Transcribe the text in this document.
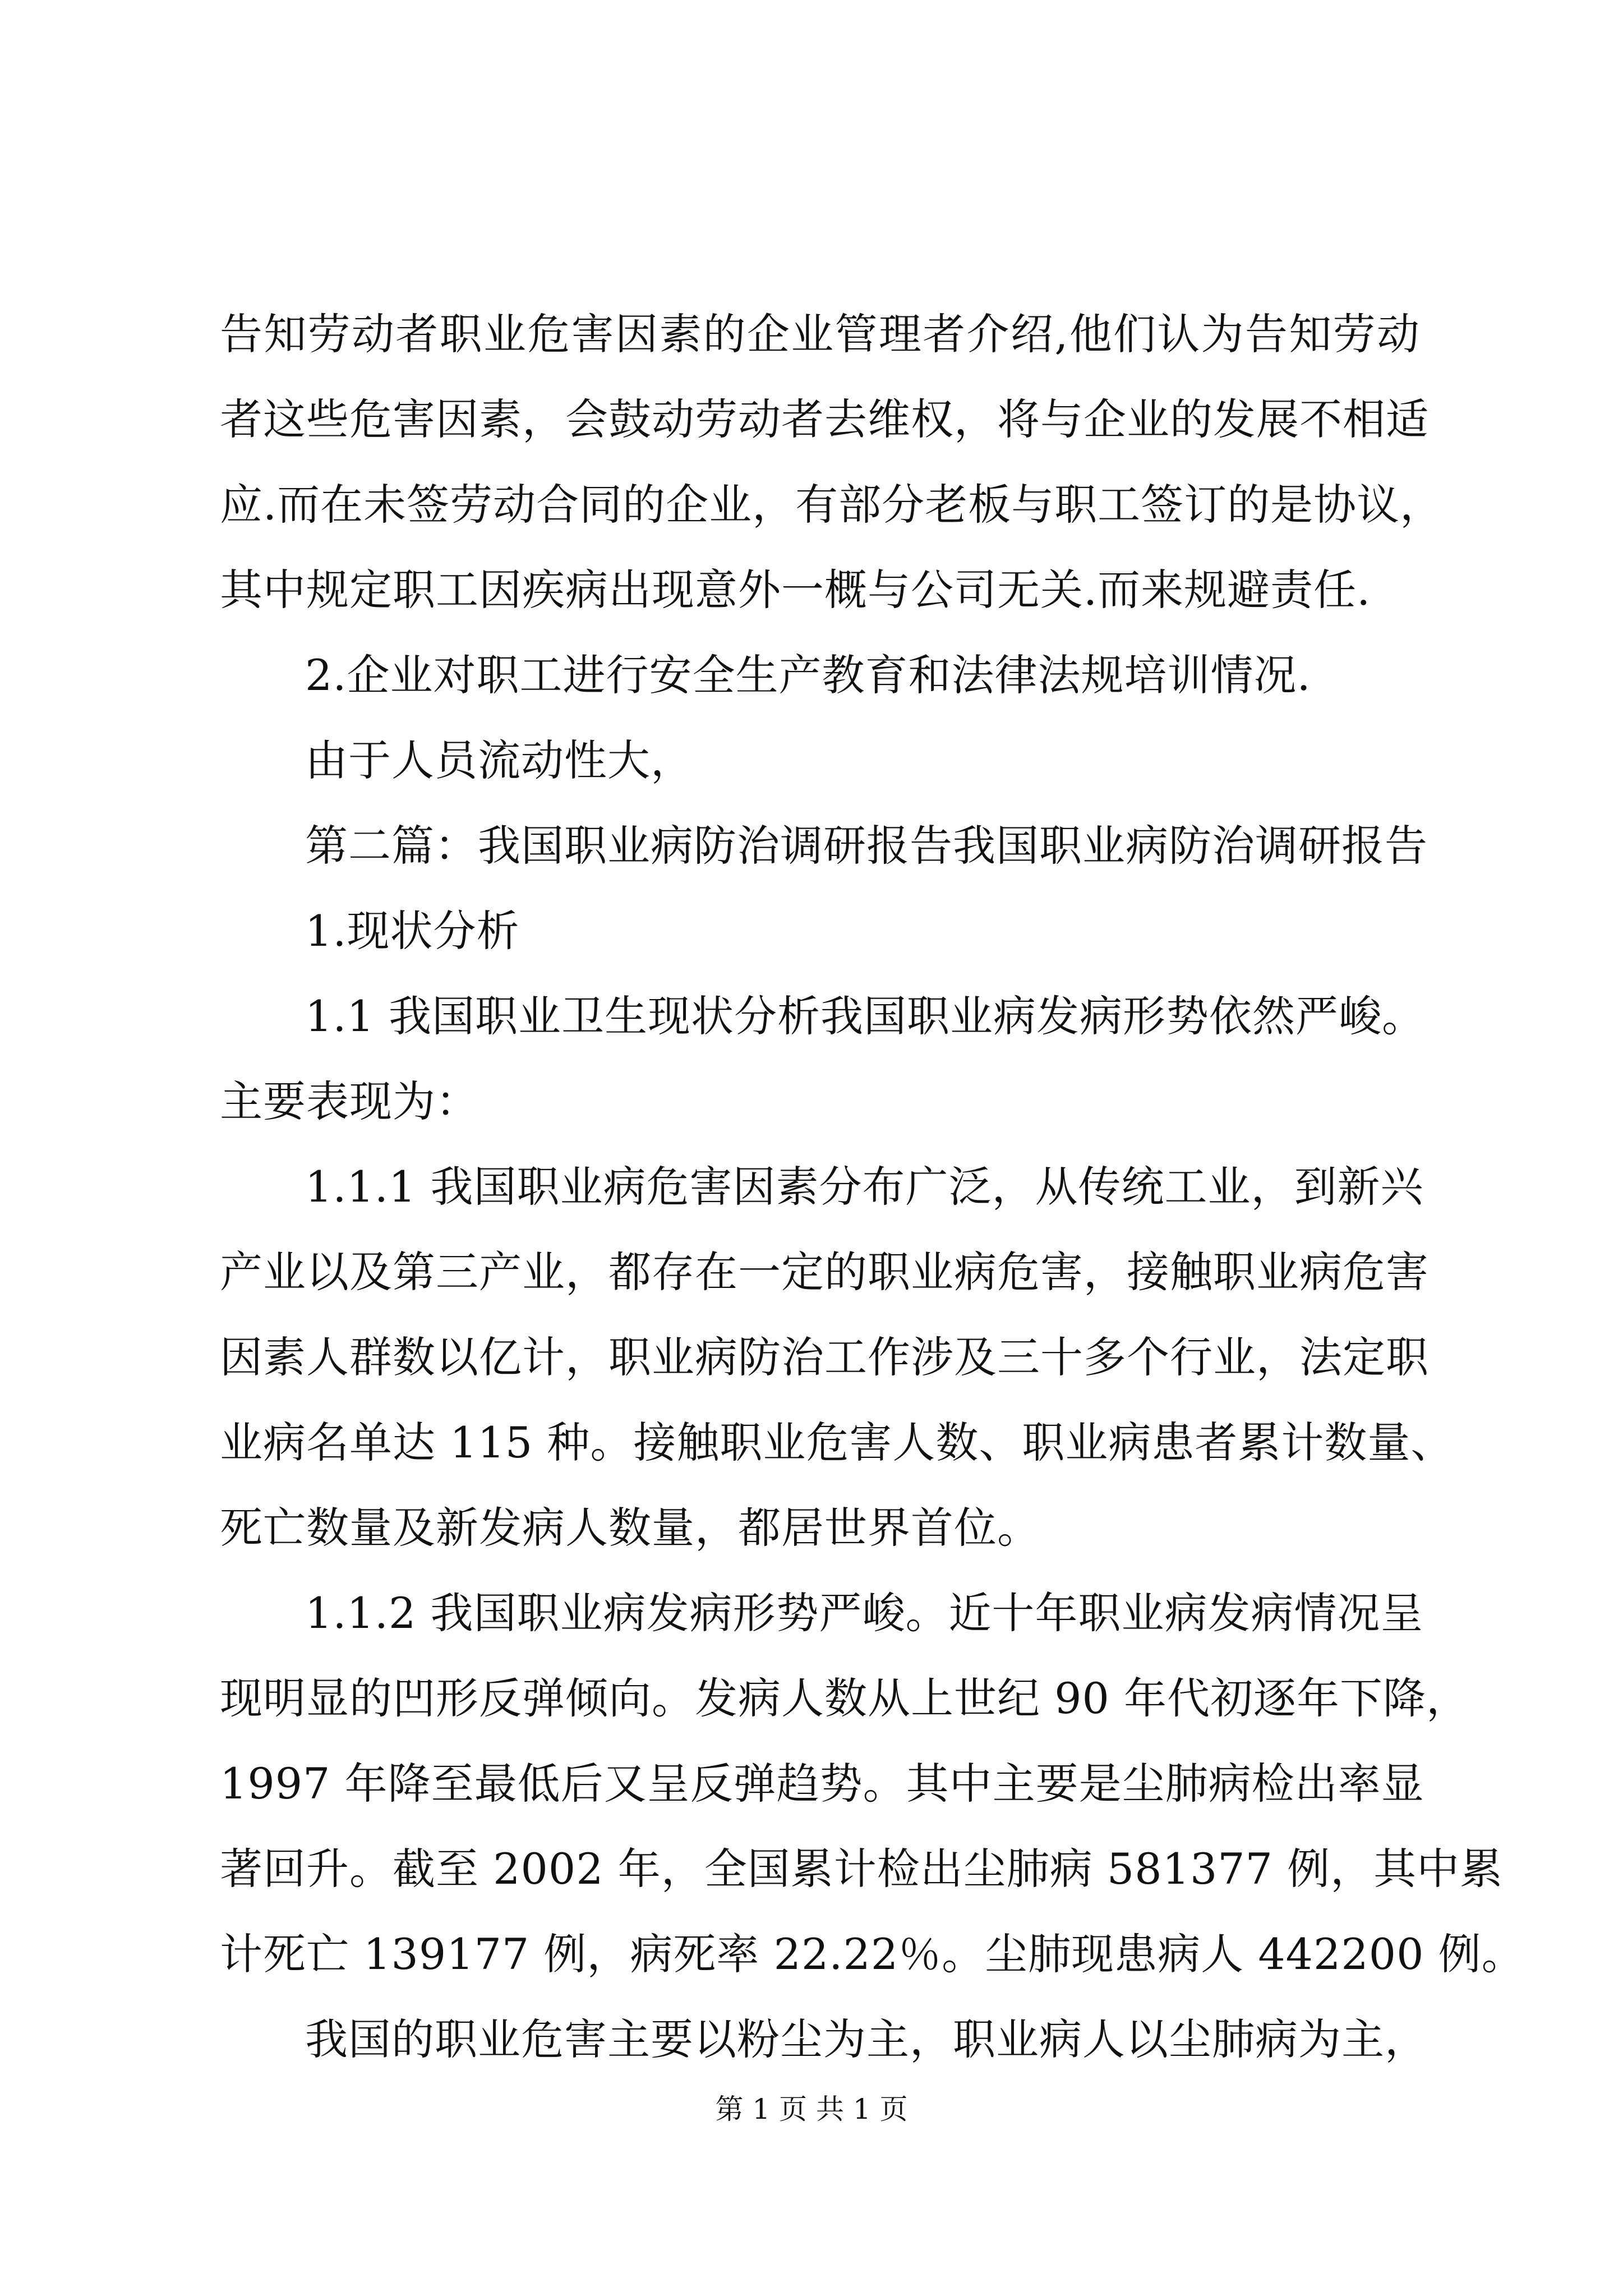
告知劳动者职业危害因素的企业管理者介绍,他们认为告知劳动
者这些危害因素，会鼓动劳动者去维权，将与企业的发展不相适
应.而在未签劳动合同的企业，有部分老板与职工签订的是协议，
其中规定职工因疾病出现意外一概与公司无关.而来规避责任.
2.企业对职工进行安全生产教育和法律法规培训情况.
由于人员流动性大，
第二篇：我国职业病防治调研报告我国职业病防治调研报告
1.现状分析
1.1 我国职业卫生现状分析我国职业病发病形势依然严峻。
主要表现为：
1.1.1 我国职业病危害因素分布广泛，从传统工业，到新兴
产业以及第三产业，都存在一定的职业病危害，接触职业病危害
因素人群数以亿计，职业病防治工作涉及三十多个行业，法定职
业病名单达 115 种。接触职业危害人数、职业病患者累计数量、
死亡数量及新发病人数量，都居世界首位。
1.1.2 我国职业病发病形势严峻。近十年职业病发病情况呈
现明显的凹形反弹倾向。发病人数从上世纪 90 年代初逐年下降，
1997 年降至最低后又呈反弹趋势。其中主要是尘肺病检出率显
著回升。截至 2002 年，全国累计检出尘肺病 581377 例，其中累
计死亡 139177 例，病死率 22.22％。尘肺现患病人 442200 例。
我国的职业危害主要以粉尘为主，职业病人以尘肺病为主，
第 1 页 共 1 页
